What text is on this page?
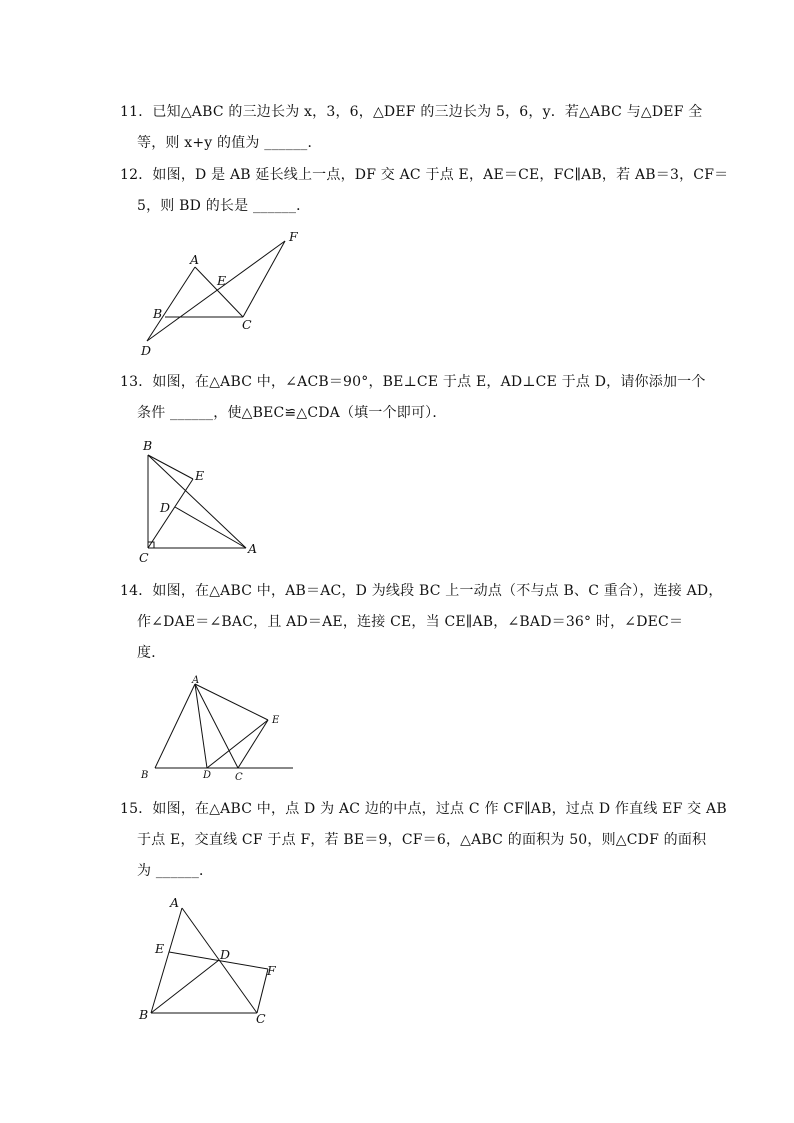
11．已知△ABC 的三边长为 x，3，6，△DEF 的三边长为 5，6，y．若△ABC 与△DEF 全
等，则 x+y 的值为 ______．
12．如图，D 是 AB 延长线上一点，DF 交 AC 于点 E，AE＝CE，FC∥AB，若 AB＝3，CF＝
5，则 BD 的长是 ______．
A
B
C
D
E
F
13．如图，在△ABC 中，∠ACB＝90°，BE⊥CE 于点 E，AD⊥CE 于点 D，请你添加一个
条件 ______，使△BEC≌△CDA（填一个即可）．
B
E
D
C
A
14．如图，在△ABC 中，AB＝AC，D 为线段 BC 上一动点（不与点 B、C 重合），连接 AD，
作∠DAE＝∠BAC，且 AD＝AE，连接 CE，当 CE∥AB，∠BAD＝36° 时，∠DEC＝
度．
A
E
B	D C
15．如图，在△ABC 中，点 D 为 AC 边的中点，过点 C 作 CF∥AB，过点 D 作直线 EF 交 AB
于点 E，交直线 CF 于点 F，若 BE＝9，CF＝6，△ABC 的面积为 50，则△CDF 的面积
为 ______．
A
E	D
F
B	C
